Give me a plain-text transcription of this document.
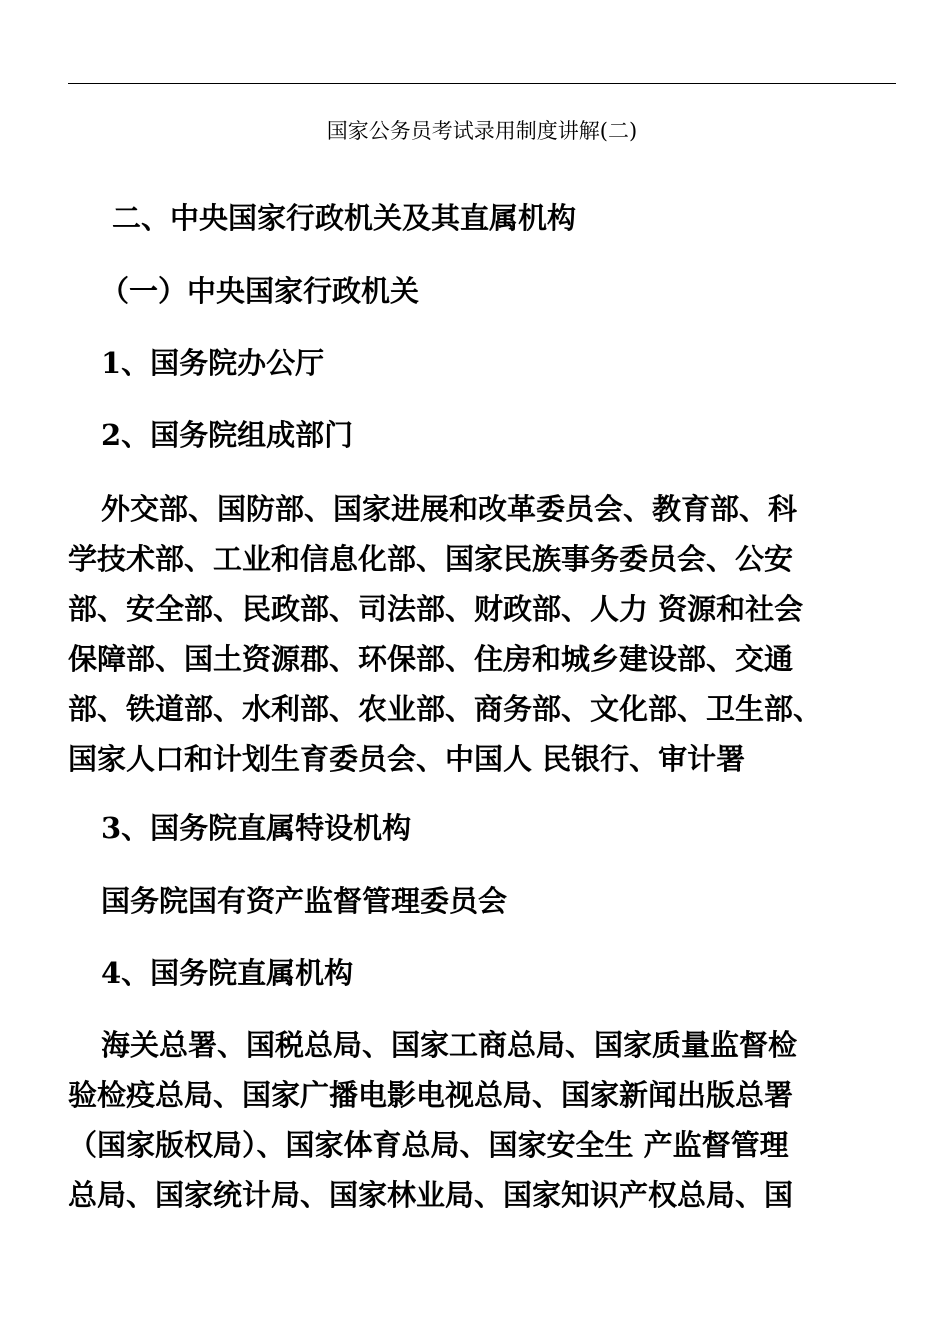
国家公务员考试录用制度讲解(二)
二、中央国家行政机关及其直属机构
（一）中央国家行政机关
1、国务院办公厅
2、国务院组成部门
外交部、国防部、国家进展和改革委员会、教育部、科
学技术部、工业和信息化部、国家民族事务委员会、公安
部、安全部、民政部、司法部、财政部、人力 资源和社会
保障部、国土资源郡、环保部、住房和城乡建设部、交通
部、铁道部、水利部、农业部、商务部、文化部、卫生部、
国家人口和计划生育委员会、中国人 民银行、审计署
3、国务院直属特设机构
国务院国有资产监督管理委员会
4、国务院直属机构
海关总署、国税总局、国家工商总局、国家质量监督检
验检疫总局、国家广播电影电视总局、国家新闻出版总署
（国家版权局）、国家体育总局、国家安全生 产监督管理
总局、国家统计局、国家林业局、国家知识产权总局、国
